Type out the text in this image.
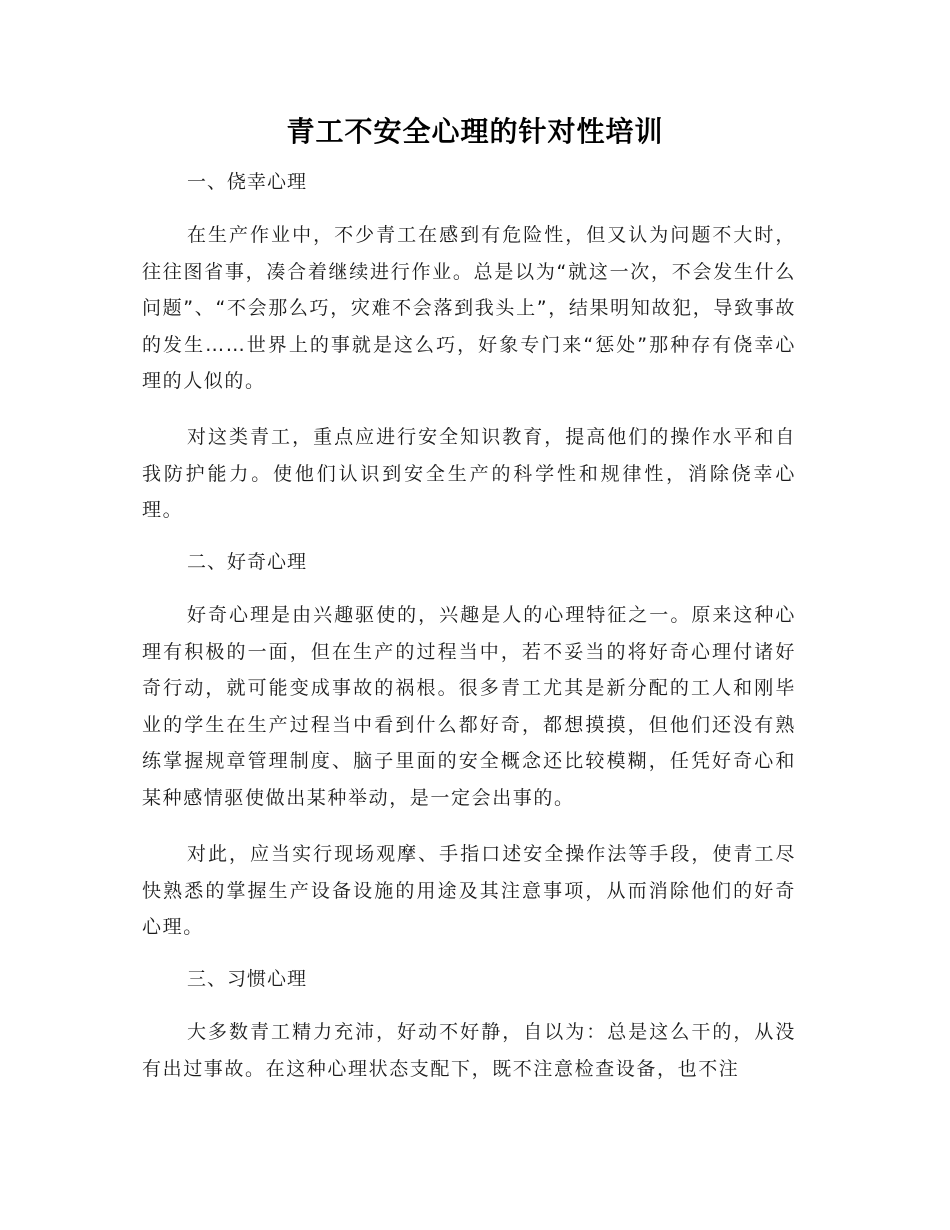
青工不安全心理的针对性培训
一、侥幸心理

在生产作业中，不少青工在感到有危险性，但又认为问题不大时，往往图省事，凑合着继续进行作业。总是以为“就这一次，不会发生什么问题”、“不会那么巧，灾难不会落到我头上”，结果明知故犯，导致事故的发生……世界上的事就是这么巧，好象专门来“惩处”那种存有侥幸心理的人似的。

对这类青工，重点应进行安全知识教育，提高他们的操作水平和自我防护能力。使他们认识到安全生产的科学性和规律性，消除侥幸心理。

二、好奇心理

好奇心理是由兴趣驱使的，兴趣是人的心理特征之一。原来这种心理有积极的一面，但在生产的过程当中，若不妥当的将好奇心理付诸好奇行动，就可能变成事故的祸根。很多青工尤其是新分配的工人和刚毕业的学生在生产过程当中看到什么都好奇，都想摸摸，但他们还没有熟练掌握规章管理制度、脑子里面的安全概念还比较模糊，任凭好奇心和某种感情驱使做出某种举动，是一定会出事的。

对此，应当实行现场观摩、手指口述安全操作法等手段，使青工尽快熟悉的掌握生产设备设施的用途及其注意事项，从而消除他们的好奇心理。

三、习惯心理

大多数青工精力充沛，好动不好静，自以为：总是这么干的，从没有出过事故。在这种心理状态支配下，既不注意检查设备，也不注
